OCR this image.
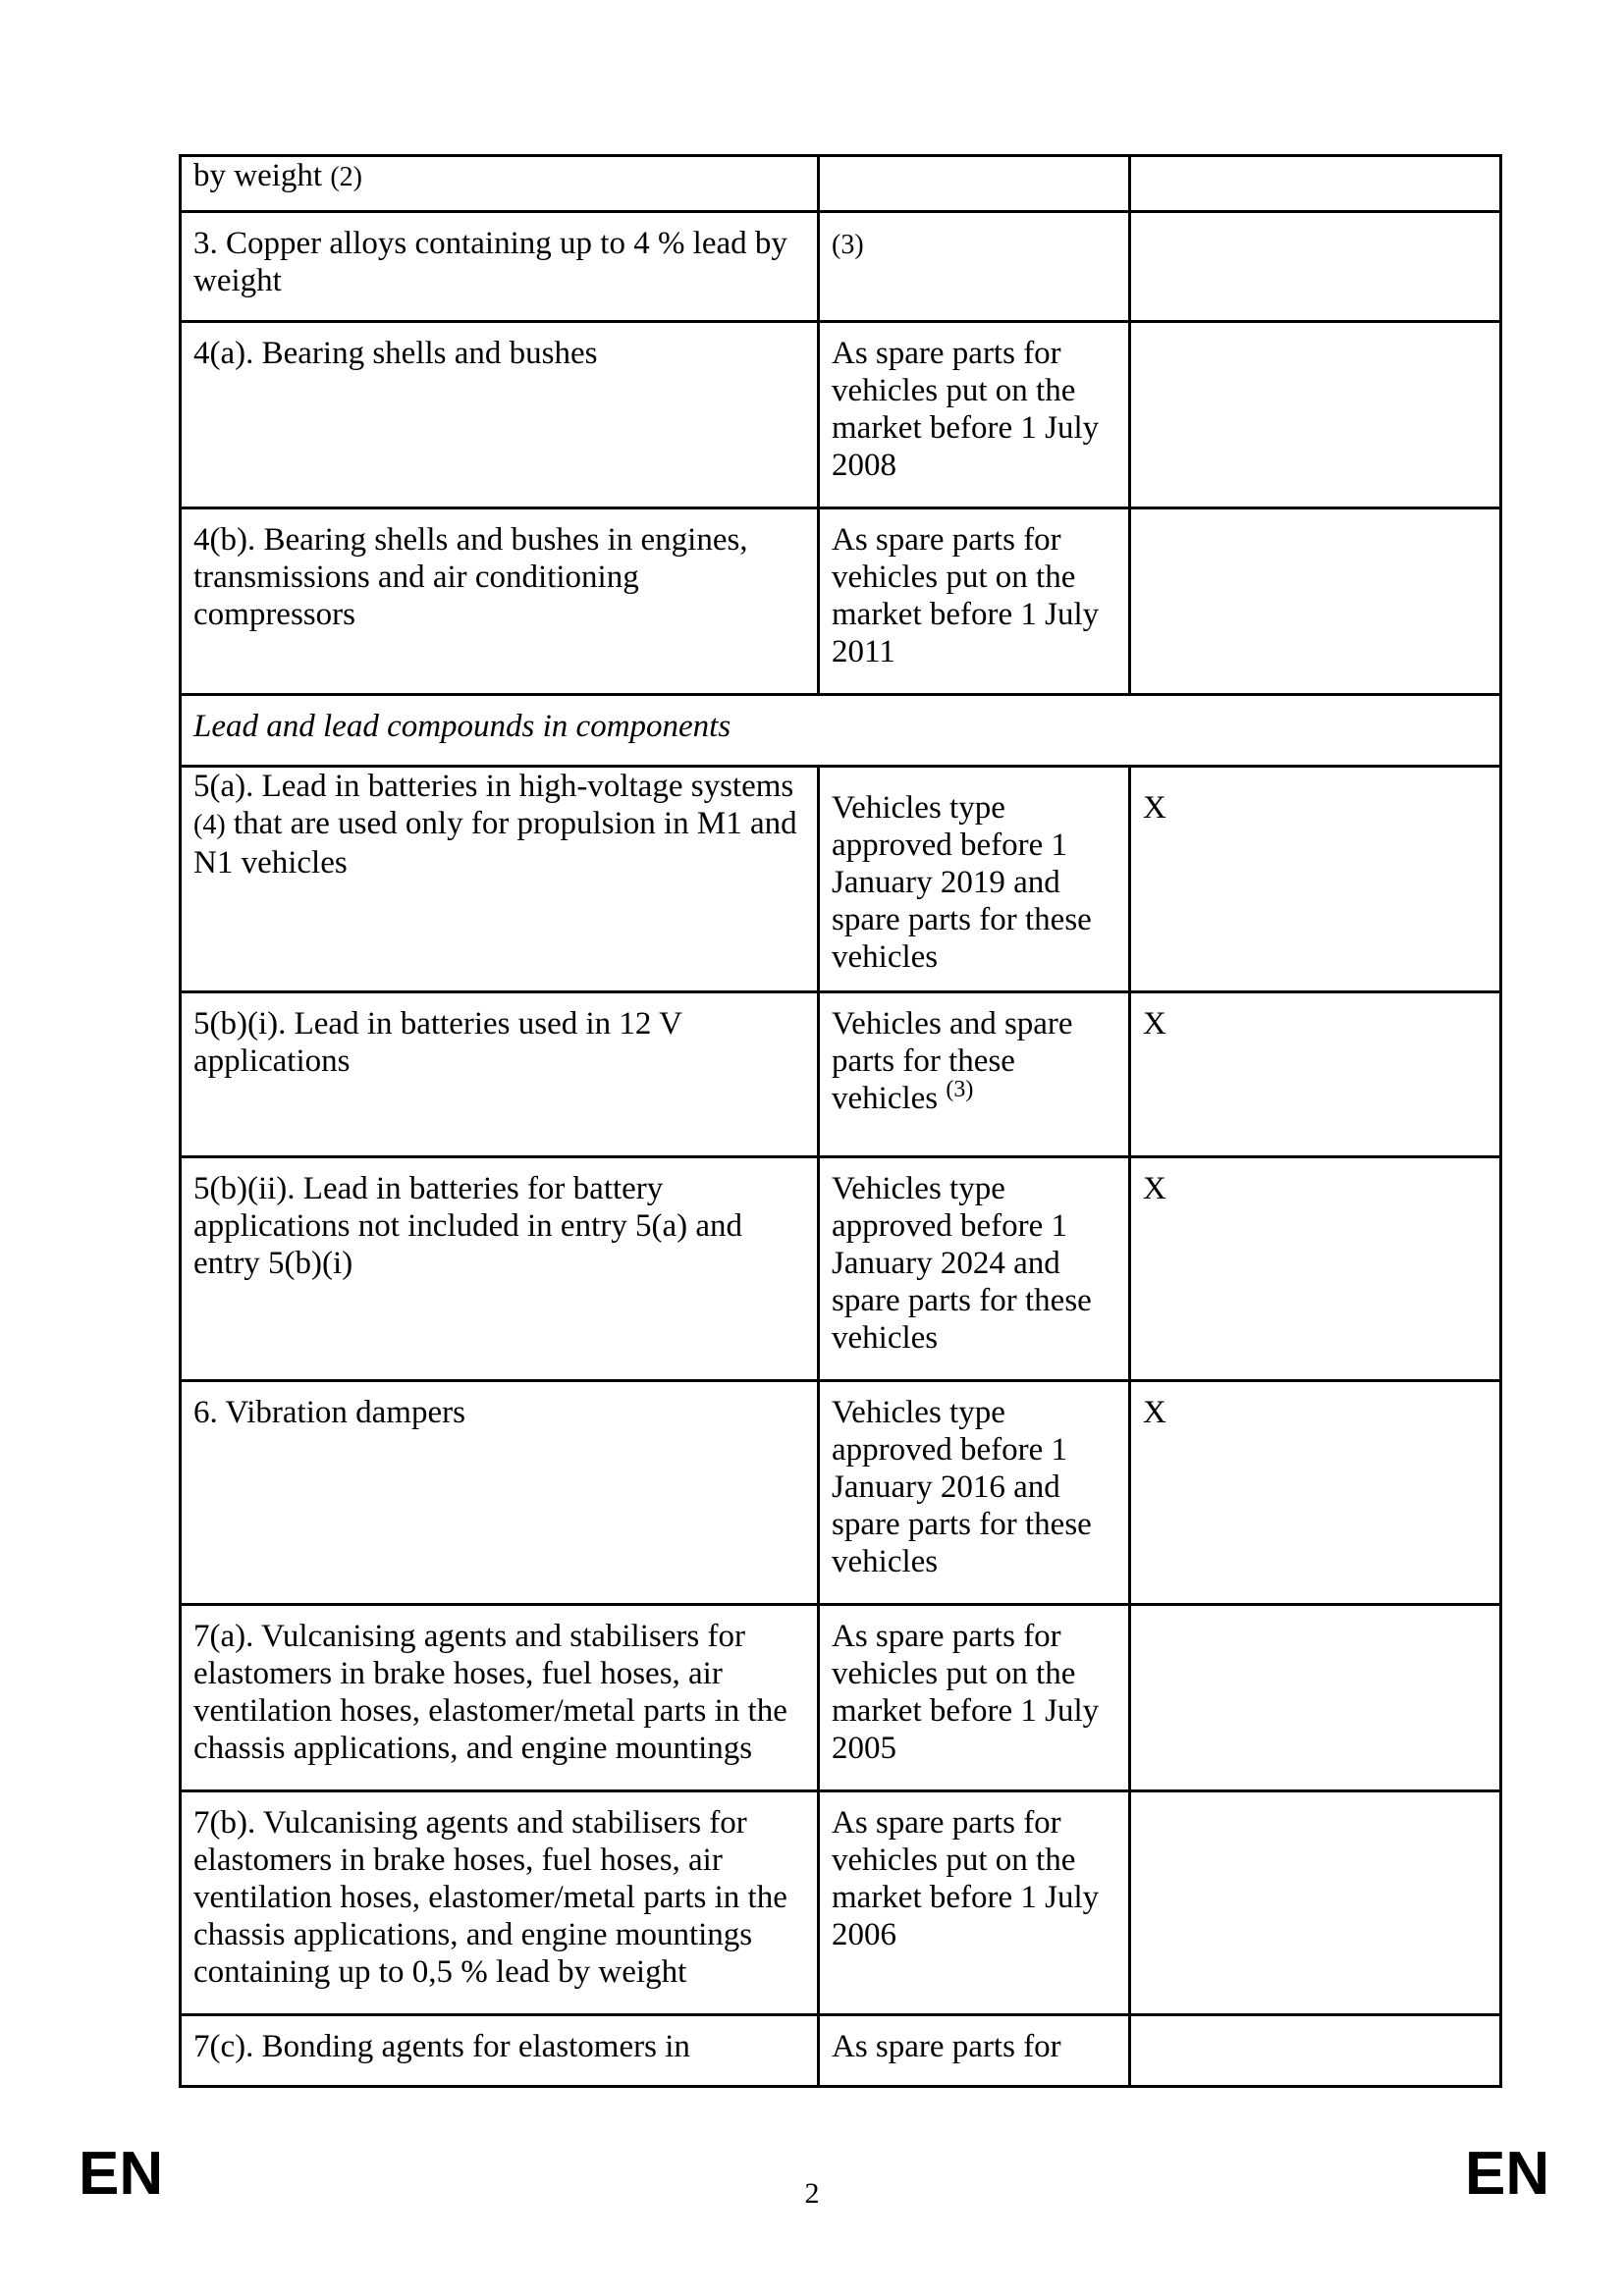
by weight (2)		
3. Copper alloys containing up to 4 % lead by weight	(3)	
4(a). Bearing shells and bushes	As spare parts for vehicles put on the market before 1 July 2008	
4(b). Bearing shells and bushes in engines, transmissions and air conditioning compressors	As spare parts for vehicles put on the market before 1 July 2011	
Lead and lead compounds in components		
5(a). Lead in batteries in high-voltage systems (4) that are used only for propulsion in M1 and N1 vehicles	Vehicles type approved before 1 January 2019 and spare parts for these vehicles	X
5(b)(i). Lead in batteries used in 12 V applications	Vehicles and spare parts for these vehicles $^{(3)}$	X
5(b)(ii). Lead in batteries for battery applications not included in entry 5(a) and entry 5(b)(i)	Vehicles type approved before 1 January 2024 and spare parts for these vehicles	X
6. Vibration dampers	Vehicles type approved before 1 January 2016 and spare parts for these vehicles	X
7(a). Vulcanising agents and stabilisers for elastomers in brake hoses, fuel hoses, air ventilation hoses, elastomer/metal parts in the chassis applications, and engine mountings	As spare parts for vehicles put on the market before 1 July 2005	
7(b). Vulcanising agents and stabilisers for elastomers in brake hoses, fuel hoses, air ventilation hoses, elastomer/metal parts in the chassis applications, and engine mountings containing up to 0,5 % lead by weight	As spare parts for vehicles put on the market before 1 July 2006	
7(c). Bonding agents for elastomers in	As spare parts for	
EN	2	EN
